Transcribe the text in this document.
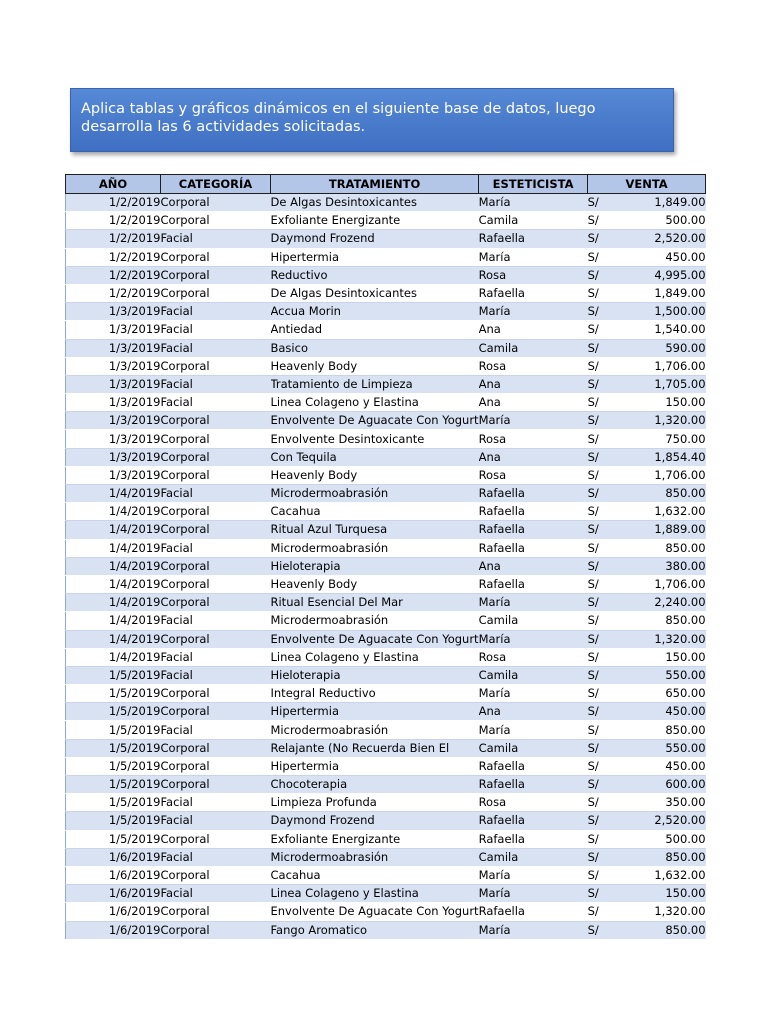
Aplica tablas y gráficos dinámicos en el siguiente base de datos, luego
desarrolla las 6 actividades solicitadas.
AÑO	CATEGORÍA	TRATAMIENTO	ESTETICISTA	VENTA	
1/2/2019	Corporal	De Algas Desintoxicantes	María	S/	1,849.00
1/2/2019	Corporal	Exfoliante Energizante	Camila	S/	500.00
1/2/2019	Facial	Daymond Frozend	Rafaella	S/	2,520.00
1/2/2019	Corporal	Hipertermia	María	S/	450.00
1/2/2019	Corporal	Reductivo	Rosa	S/	4,995.00
1/2/2019	Corporal	De Algas Desintoxicantes	Rafaella	S/	1,849.00
1/3/2019	Facial	Accua Morin	María	S/	1,500.00
1/3/2019	Facial	Antiedad	Ana	S/	1,540.00
1/3/2019	Facial	Basico	Camila	S/	590.00
1/3/2019	Corporal	Heavenly Body	Rosa	S/	1,706.00
1/3/2019	Facial	Tratamiento de Limpieza	Ana	S/	1,705.00
1/3/2019	Facial	Linea Colageno y Elastina	Ana	S/	150.00
1/3/2019	Corporal	Envolvente De Aguacate Con Yogurt	María	S/	1,320.00
1/3/2019	Corporal	Envolvente Desintoxicante	Rosa	S/	750.00
1/3/2019	Corporal	Con Tequila	Ana	S/	1,854.40
1/3/2019	Corporal	Heavenly Body	Rosa	S/	1,706.00
1/4/2019	Facial	Microdermoabrasión	Rafaella	S/	850.00
1/4/2019	Corporal	Cacahua	Rafaella	S/	1,632.00
1/4/2019	Corporal	Ritual Azul Turquesa	Rafaella	S/	1,889.00
1/4/2019	Facial	Microdermoabrasión	Rafaella	S/	850.00
1/4/2019	Corporal	Hieloterapia	Ana	S/	380.00
1/4/2019	Corporal	Heavenly Body	Rafaella	S/	1,706.00
1/4/2019	Corporal	Ritual Esencial Del Mar	María	S/	2,240.00
1/4/2019	Facial	Microdermoabrasión	Camila	S/	850.00
1/4/2019	Corporal	Envolvente De Aguacate Con Yogurt	María	S/	1,320.00
1/4/2019	Facial	Linea Colageno y Elastina	Rosa	S/	150.00
1/5/2019	Facial	Hieloterapia	Camila	S/	550.00
1/5/2019	Corporal	Integral Reductivo	María	S/	650.00
1/5/2019	Corporal	Hipertermia	Ana	S/	450.00
1/5/2019	Facial	Microdermoabrasión	María	S/	850.00
1/5/2019	Corporal	Relajante (No Recuerda Bien El	Camila	S/	550.00
1/5/2019	Corporal	Hipertermia	Rafaella	S/	450.00
1/5/2019	Corporal	Chocoterapia	Rafaella	S/	600.00
1/5/2019	Facial	Limpieza Profunda	Rosa	S/	350.00
1/5/2019	Facial	Daymond Frozend	Rafaella	S/	2,520.00
1/5/2019	Corporal	Exfoliante Energizante	Rafaella	S/	500.00
1/6/2019	Facial	Microdermoabrasión	Camila	S/	850.00
1/6/2019	Corporal	Cacahua	María	S/	1,632.00
1/6/2019	Facial	Linea Colageno y Elastina	María	S/	150.00
1/6/2019	Corporal	Envolvente De Aguacate Con Yogurt	Rafaella	S/	1,320.00
1/6/2019	Corporal	Fango Aromatico	María	S/	850.00
